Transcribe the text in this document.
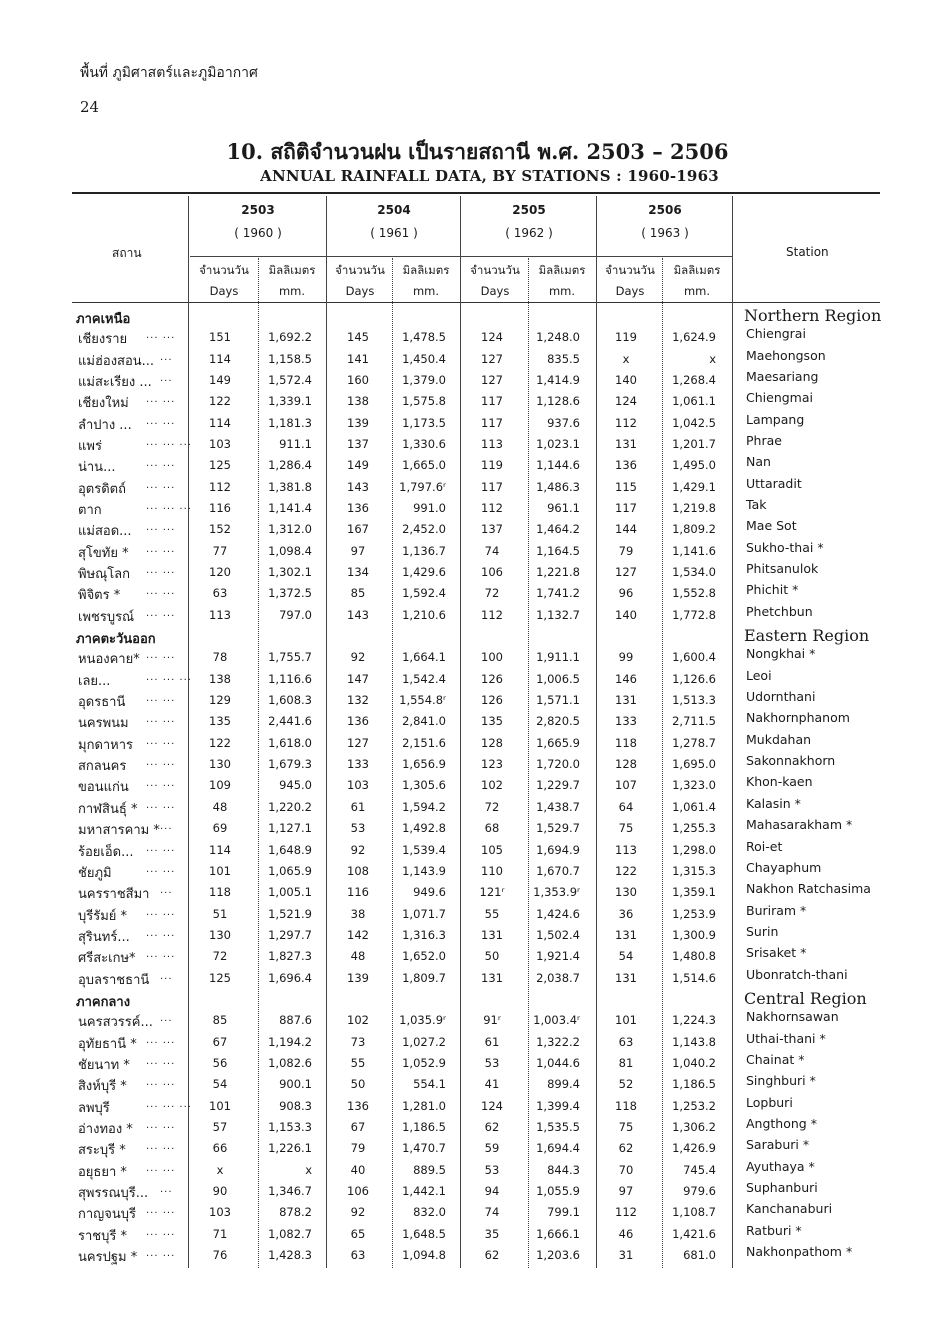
พื้นที่ ภูมิศาสตร์และภูมิอากาศ
24
10. สถิติจำนวนฝน เป็นรายสถานี พ.ศ. 2503 – 2506
ANNUAL RAINFALL DATA, BY STATIONS : 1960-1963
สถาน	Station
2503
( 1960 )
2504
( 1961 )
2505
( 1962 )
2506
( 1963 )
จำนวนวัน	มิลลิเมตร
Days	mm.
จำนวนวัน	มิลลิเมตร
Days	mm.
จำนวนวัน	มิลลิเมตร
Days	mm.
จำนวนวัน	มิลลิเมตร
Days	mm.
ภาคเหนือ	Northern Region
เชียงราย ... ...	151	1,692.2	145	1,478.5	124	1,248.0	119	1,624.9 Chiengrai
แม่ฮ่องสอน... ...	114	1,158.5	141	1,450.4	127	835.5	x	x Maehongson
แม่สะเรียง ... ...	149	1,572.4	160	1,379.0	127	1,414.9	140	1,268.4 Maesariang
เชียงใหม่ ... ...	122	1,339.1	138	1,575.8	117	1,128.6	124	1,061.1 Chiengmai
ลำปาง ... ... ...	114	1,181.3	139	1,173.5	117	937.6	112	1,042.5 Lampang
แพร่	... ... ...	103	911.1	137	1,330.6	113	1,023.1	131	1,201.7 Phrae
น่าน...	... ...	125	1,286.4	149	1,665.0	119	1,144.6	136	1,495.0 Nan
อุตรดิตถ์ ... ...	112	1,381.8	143	1,797.6ʳ	117	1,486.3	115	1,429.1 Uttaradit
ตาก	... ... ...	116	1,141.4	136	991.0	112	961.1	117	1,219.8 Tak
แม่สอด... ... ...	152	1,312.0	167	2,452.0	137	1,464.2	144	1,809.2 Mae Sot
สุโขทัย * ... ...	77	1,098.4	97	1,136.7	74	1,164.5	79	1,141.6 Sukho-thai *
พิษณุโลก ... ...	120	1,302.1	134	1,429.6	106	1,221.8	127	1,534.0 Phitsanulok
พิจิตร *	... ...	63	1,372.5	85	1,592.4	72	1,741.2	96	1,552.8 Phichit *
เพชรบูรณ์ ... ...	113	797.0	143	1,210.6	112	1,132.7	140	1,772.8 Phetchbun
ภาคตะวันออก	Eastern Region
หนองคาย* ... ...	78	1,755.7	92	1,664.1	100	1,911.1	99	1,600.4 Nongkhai *
เลย...	... ... ...	138	1,116.6	147	1,542.4	126	1,006.5	146	1,126.6 Leoi
อุดรธานี ... ...	129	1,608.3	132	1,554.8ʳ	126	1,571.1	131	1,513.3 Udornthani
นครพนม ... ...	135	2,441.6	136	2,841.0	135	2,820.5	133	2,711.5 Nakhornphanom
มุกดาหาร ... ...	122	1,618.0	127	2,151.6	128	1,665.9	118	1,278.7 Mukdahan
สกลนคร ... ...	130	1,679.3	133	1,656.9	123	1,720.0	128	1,695.0 Sakonnakhorn
ขอนแก่น ... ...	109	945.0	103	1,305.6	102	1,229.7	107	1,323.0 Khon-kaen
กาฬสินธุ์ * ... ...	48	1,220.2	61	1,594.2	72	1,438.7	64	1,061.4 Kalasin *
มหาสารคาม * ...	69	1,127.1	53	1,492.8	68	1,529.7	75	1,255.3 Mahasarakham *
ร้อยเอ็ด... ... ...	114	1,648.9	92	1,539.4	105	1,694.9	113	1,298.0 Roi-et
ชัยภูมิ	... ...	101	1,065.9	108	1,143.9	110	1,670.7	122	1,315.3 Chayaphum
นครราชสีมา ...	118	1,005.1	116	949.6	121ʳ	1,353.9ʳ	130	1,359.1 Nakhon Ratchasima
บุรีรัมย์ * ... ...	51	1,521.9	38	1,071.7	55	1,424.6	36	1,253.9 Buriram *
สุรินทร์... ... ...	130	1,297.7	142	1,316.3	131	1,502.4	131	1,300.9 Surin
ศรีสะเกษ* ... ...	72	1,827.3	48	1,652.0	50	1,921.4	54	1,480.8 Srisaket *
อุบลราชธานี ...	125	1,696.4	139	1,809.7	131	2,038.7	131	1,514.6 Ubonratch-thani
ภาคกลาง	Central Region
นครสวรรค์... ...	85	887.6	102	1,035.9ʳ	91ʳ	1,003.4ʳ	101	1,224.3 Nakhornsawan
อุทัยธานี * ... ...	67	1,194.2	73	1,027.2	61	1,322.2	63	1,143.8 Uthai-thani *
ชัยนาท * ... ...	56	1,082.6	55	1,052.9	53	1,044.6	81	1,040.2 Chainat *
สิงห์บุรี * ... ...	54	900.1	50	554.1	41	899.4	52	1,186.5 Singhburi *
ลพบุรี	... ... ...	101	908.3	136	1,281.0	124	1,399.4	118	1,253.2 Lopburi
อ่างทอง * ... ...	57	1,153.3	67	1,186.5	62	1,535.5	75	1,306.2 Angthong *
สระบุรี * ... ...	66	1,226.1	79	1,470.7	59	1,694.4	62	1,426.9 Saraburi *
อยุธยา * ... ...	x	x	40	889.5	53	844.3	70	745.4 Ayuthaya *
สุพรรณบุรี... ...	90	1,346.7	106	1,442.1	94	1,055.9	97	979.6 Suphanburi
กาญจนบุรี ... ...	103	878.2	92	832.0	74	799.1	112	1,108.7 Kanchanaburi
ราชบุรี * ... ...	71	1,082.7	65	1,648.5	35	1,666.1	46	1,421.6 Ratburi *
นครปฐม * ... ...	76	1,428.3	63	1,094.8	62	1,203.6	31	681.0 Nakhonpathom *
